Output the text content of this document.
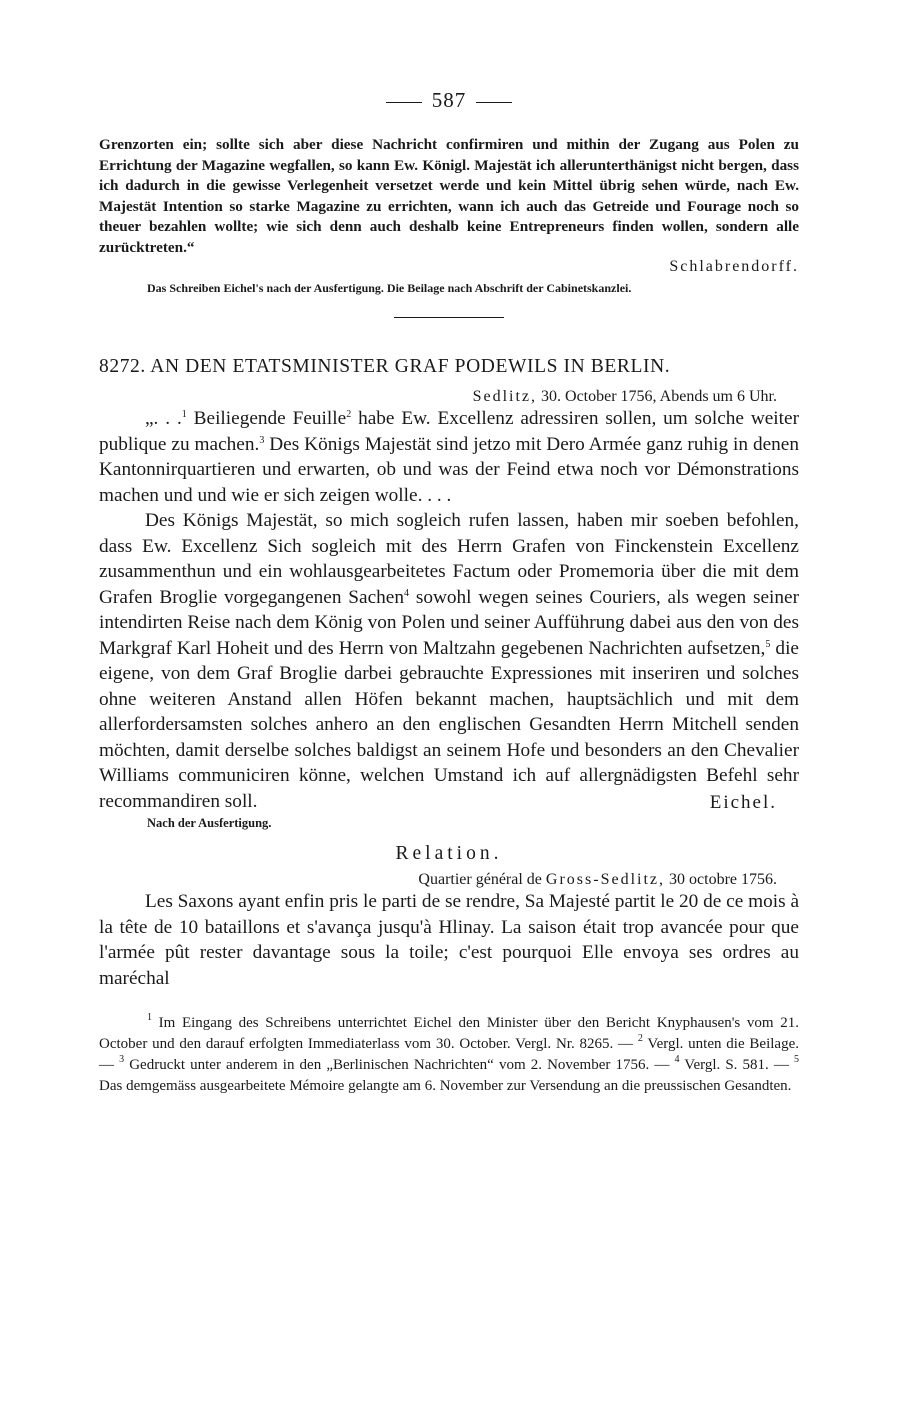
587

Grenzorten ein; sollte sich aber diese Nachricht confirmiren und mithin der Zugang aus Polen zu Errichtung der Magazine wegfallen, so kann Ew. Königl. Majestät ich allerunterthänigst nicht bergen, dass ich dadurch in die gewisse Verlegenheit versetzet werde und kein Mittel übrig sehen würde, nach Ew. Majestät Intention so starke Magazine zu errichten, wann ich auch das Getreide und Fourage noch so theuer bezahlen wollte; wie sich denn auch deshalb keine Entrepreneurs finden wollen, sondern alle zurücktreten.“

Schlabrendorff.
Das Schreiben Eichel's nach der Ausfertigung. Die Beilage nach Abschrift der Cabinetskanzlei.
8272. AN DEN ETATSMINISTER GRAF PODEWILS IN BERLIN.
Sedlitz, 30. October 1756, Abends um 6 Uhr.

„. . .$^1$ Beiliegende Feuille$^2$ habe Ew. Excellenz adressiren sollen, um solche weiter publique zu machen.$^3$ Des Königs Majestät sind jetzo mit Dero Armée ganz ruhig in denen Kantonnirquartieren und erwarten, ob und was der Feind etwa noch vor Démonstrations machen und und wie er sich zeigen wolle. . . .

Des Königs Majestät, so mich sogleich rufen lassen, haben mir soeben befohlen, dass Ew. Excellenz Sich sogleich mit des Herrn Grafen von Finckenstein Excellenz zusammenthun und ein wohlausgearbeitetes Factum oder Promemoria über die mit dem Grafen Broglie vorgegangenen Sachen$^4$ sowohl wegen seines Couriers, als wegen seiner intendirten Reise nach dem König von Polen und seiner Aufführung dabei aus den von des Markgraf Karl Hoheit und des Herrn von Maltzahn gegebenen Nachrichten aufsetzen,$^5$ die eigene, von dem Graf Broglie darbei gebrauchte Expressiones mit inseriren und solches ohne weiteren Anstand allen Höfen bekannt machen, hauptsächlich und mit dem allerfordersamsten solches anhero an den englischen Gesandten Herrn Mitchell senden möchten, damit derselbe solches baldigst an seinem Hofe und besonders an den Chevalier Williams communiciren könne, welchen Umstand ich auf allergnädigsten Befehl sehr recommandiren soll.	Eichel.
Nach der Ausfertigung.
Relation.
Quartier général de Gross-Sedlitz, 30 octobre 1756.

Les Saxons ayant enfin pris le parti de se rendre, Sa Majesté partit le 20 de ce mois à la tête de 10 bataillons et s'avança jusqu'à Hlinay. La saison était trop avancée pour que l'armée pût rester davantage sous la toile; c'est pourquoi Elle envoya ses ordres au maréchal

$^1$ Im Eingang des Schreibens unterrichtet Eichel den Minister über den Bericht Knyphausen's vom 21. October und den darauf erfolgten Immediaterlass vom 30. October. Vergl. Nr. 8265. — $^2$ Vergl. unten die Beilage. — $^3$ Gedruckt unter anderem in den „Berlinischen Nachrichten“ vom 2. November 1756. — $^4$ Vergl. S. 581. — $^5$ Das demgemäss ausgearbeitete Mémoire gelangte am 6. November zur Versendung an die preussischen Gesandten.
